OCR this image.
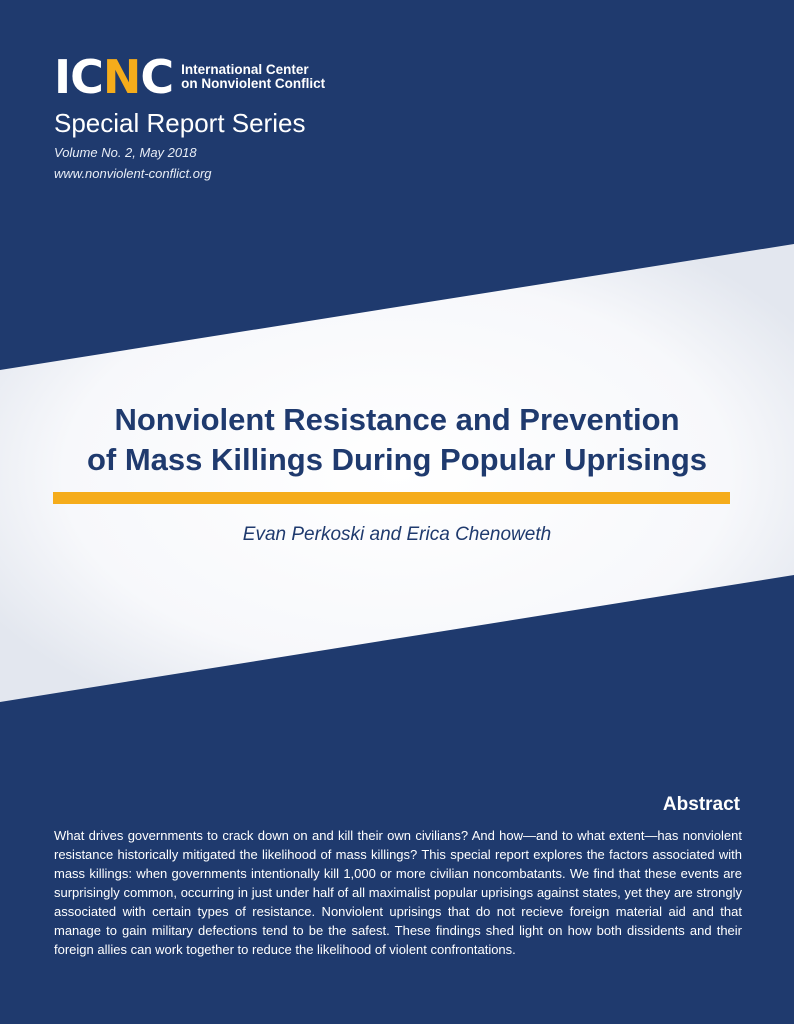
ICNC International Center
on Nonviolent Conflict
Special Report Series
Volume No. 2, May 2018
www.nonviolent-conflict.org
Nonviolent Resistance and Prevention
of Mass Killings During Popular Uprisings
Evan Perkoski and Erica Chenoweth
Abstract
What drives governments to crack down on and kill their own civilians? And how—and to what extent—has nonviolent resistance historically mitigated the likelihood of mass killings? This special report explores the factors associated with mass killings: when governments intentionally kill 1,000 or more civilian noncombatants. We find that these events are surprisingly common, occurring in just under half of all maximalist popular uprisings against states, yet they are strongly associated with certain types of resistance. Nonviolent uprisings that do not recieve foreign material aid and that manage to gain military defections tend to be the safest. These findings shed light on how both dissidents and their foreign allies can work together to reduce the likelihood of violent confrontations.
